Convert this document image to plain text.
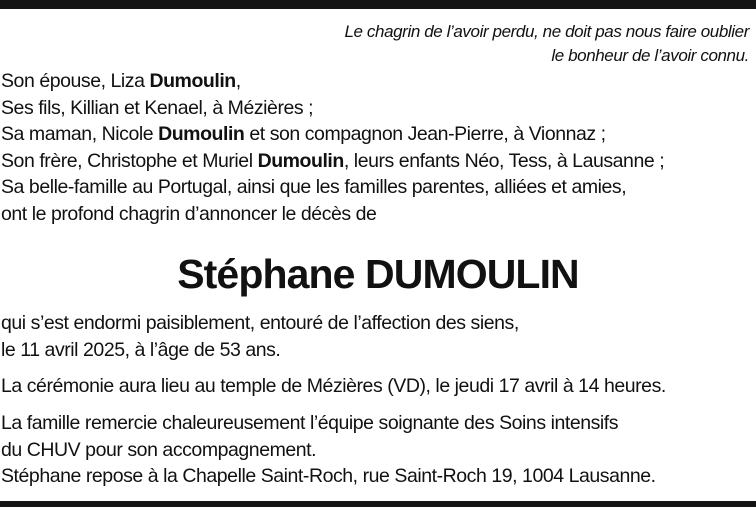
Le chagrin de l’avoir perdu, ne doit pas nous faire oublier
le bonheur de l’avoir connu.
Son épouse, Liza Dumoulin,
Ses fils, Killian et Kenael, à Mézières ;
Sa maman, Nicole Dumoulin et son compagnon Jean-Pierre, à Vionnaz ;
Son frère, Christophe et Muriel Dumoulin, leurs enfants Néo, Tess, à Lausanne ;
Sa belle-famille au Portugal, ainsi que les familles parentes, alliées et amies,
ont le profond chagrin d’annoncer le décès de
Stéphane DUMOULIN
qui s’est endormi paisiblement, entouré de l’affection des siens,
le 11 avril 2025, à l’âge de 53 ans.
La cérémonie aura lieu au temple de Mézières (VD), le jeudi 17 avril à 14 heures.
La famille remercie chaleureusement l’équipe soignante des Soins intensifs
du CHUV pour son accompagnement.
Stéphane repose à la Chapelle Saint-Roch, rue Saint-Roch 19, 1004 Lausanne.
